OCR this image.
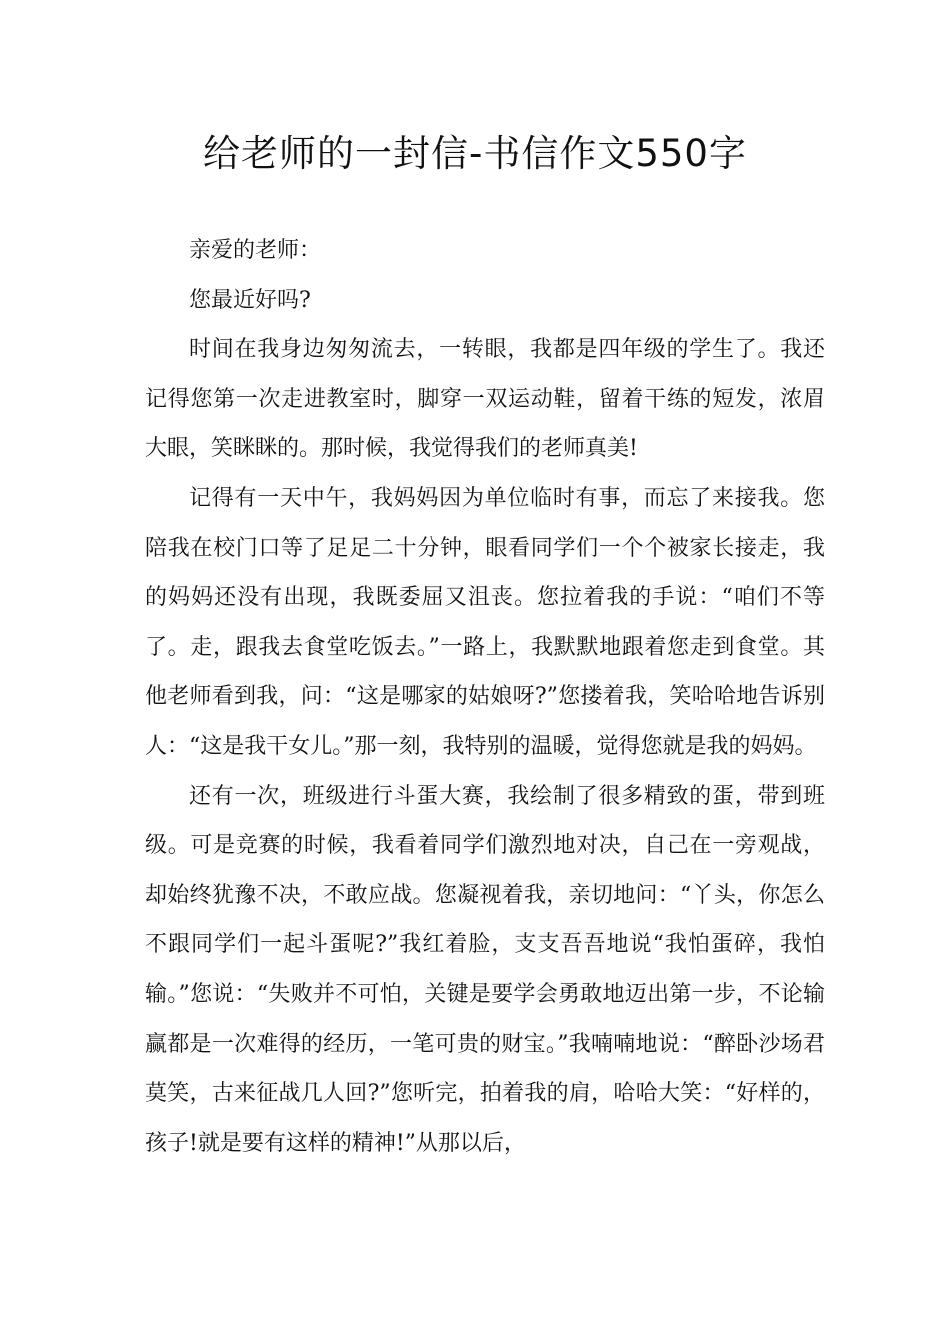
给老师的一封信-书信作文550字

亲爱的老师：

您最近好吗?

时间在我身边匆匆流去，一转眼，我都是四年级的学生了。我还记得您第一次走进教室时，脚穿一双运动鞋，留着干练的短发，浓眉大眼，笑眯眯的。那时候，我觉得我们的老师真美!

记得有一天中午，我妈妈因为单位临时有事，而忘了来接我。您陪我在校门口等了足足二十分钟，眼看同学们一个个被家长接走，我的妈妈还没有出现，我既委屈又沮丧。您拉着我的手说：“咱们不等了。走，跟我去食堂吃饭去。”一路上，我默默地跟着您走到食堂。其他老师看到我，问：“这是哪家的姑娘呀?”您搂着我，笑哈哈地告诉别人：“这是我干女儿。”那一刻，我特别的温暖，觉得您就是我的妈妈。

还有一次，班级进行斗蛋大赛，我绘制了很多精致的蛋，带到班级。可是竞赛的时候，我看着同学们激烈地对决，自己在一旁观战，却始终犹豫不决，不敢应战。您凝视着我，亲切地问：“丫头，你怎么不跟同学们一起斗蛋呢?”我红着脸，支支吾吾地说“我怕蛋碎，我怕输。”您说：“失败并不可怕，关键是要学会勇敢地迈出第一步，不论输赢都是一次难得的经历，一笔可贵的财宝。”我喃喃地说：“醉卧沙场君莫笑，古来征战几人回?”您听完，拍着我的肩，哈哈大笑：“好样的，孩子!就是要有这样的精神!”从那以后，
